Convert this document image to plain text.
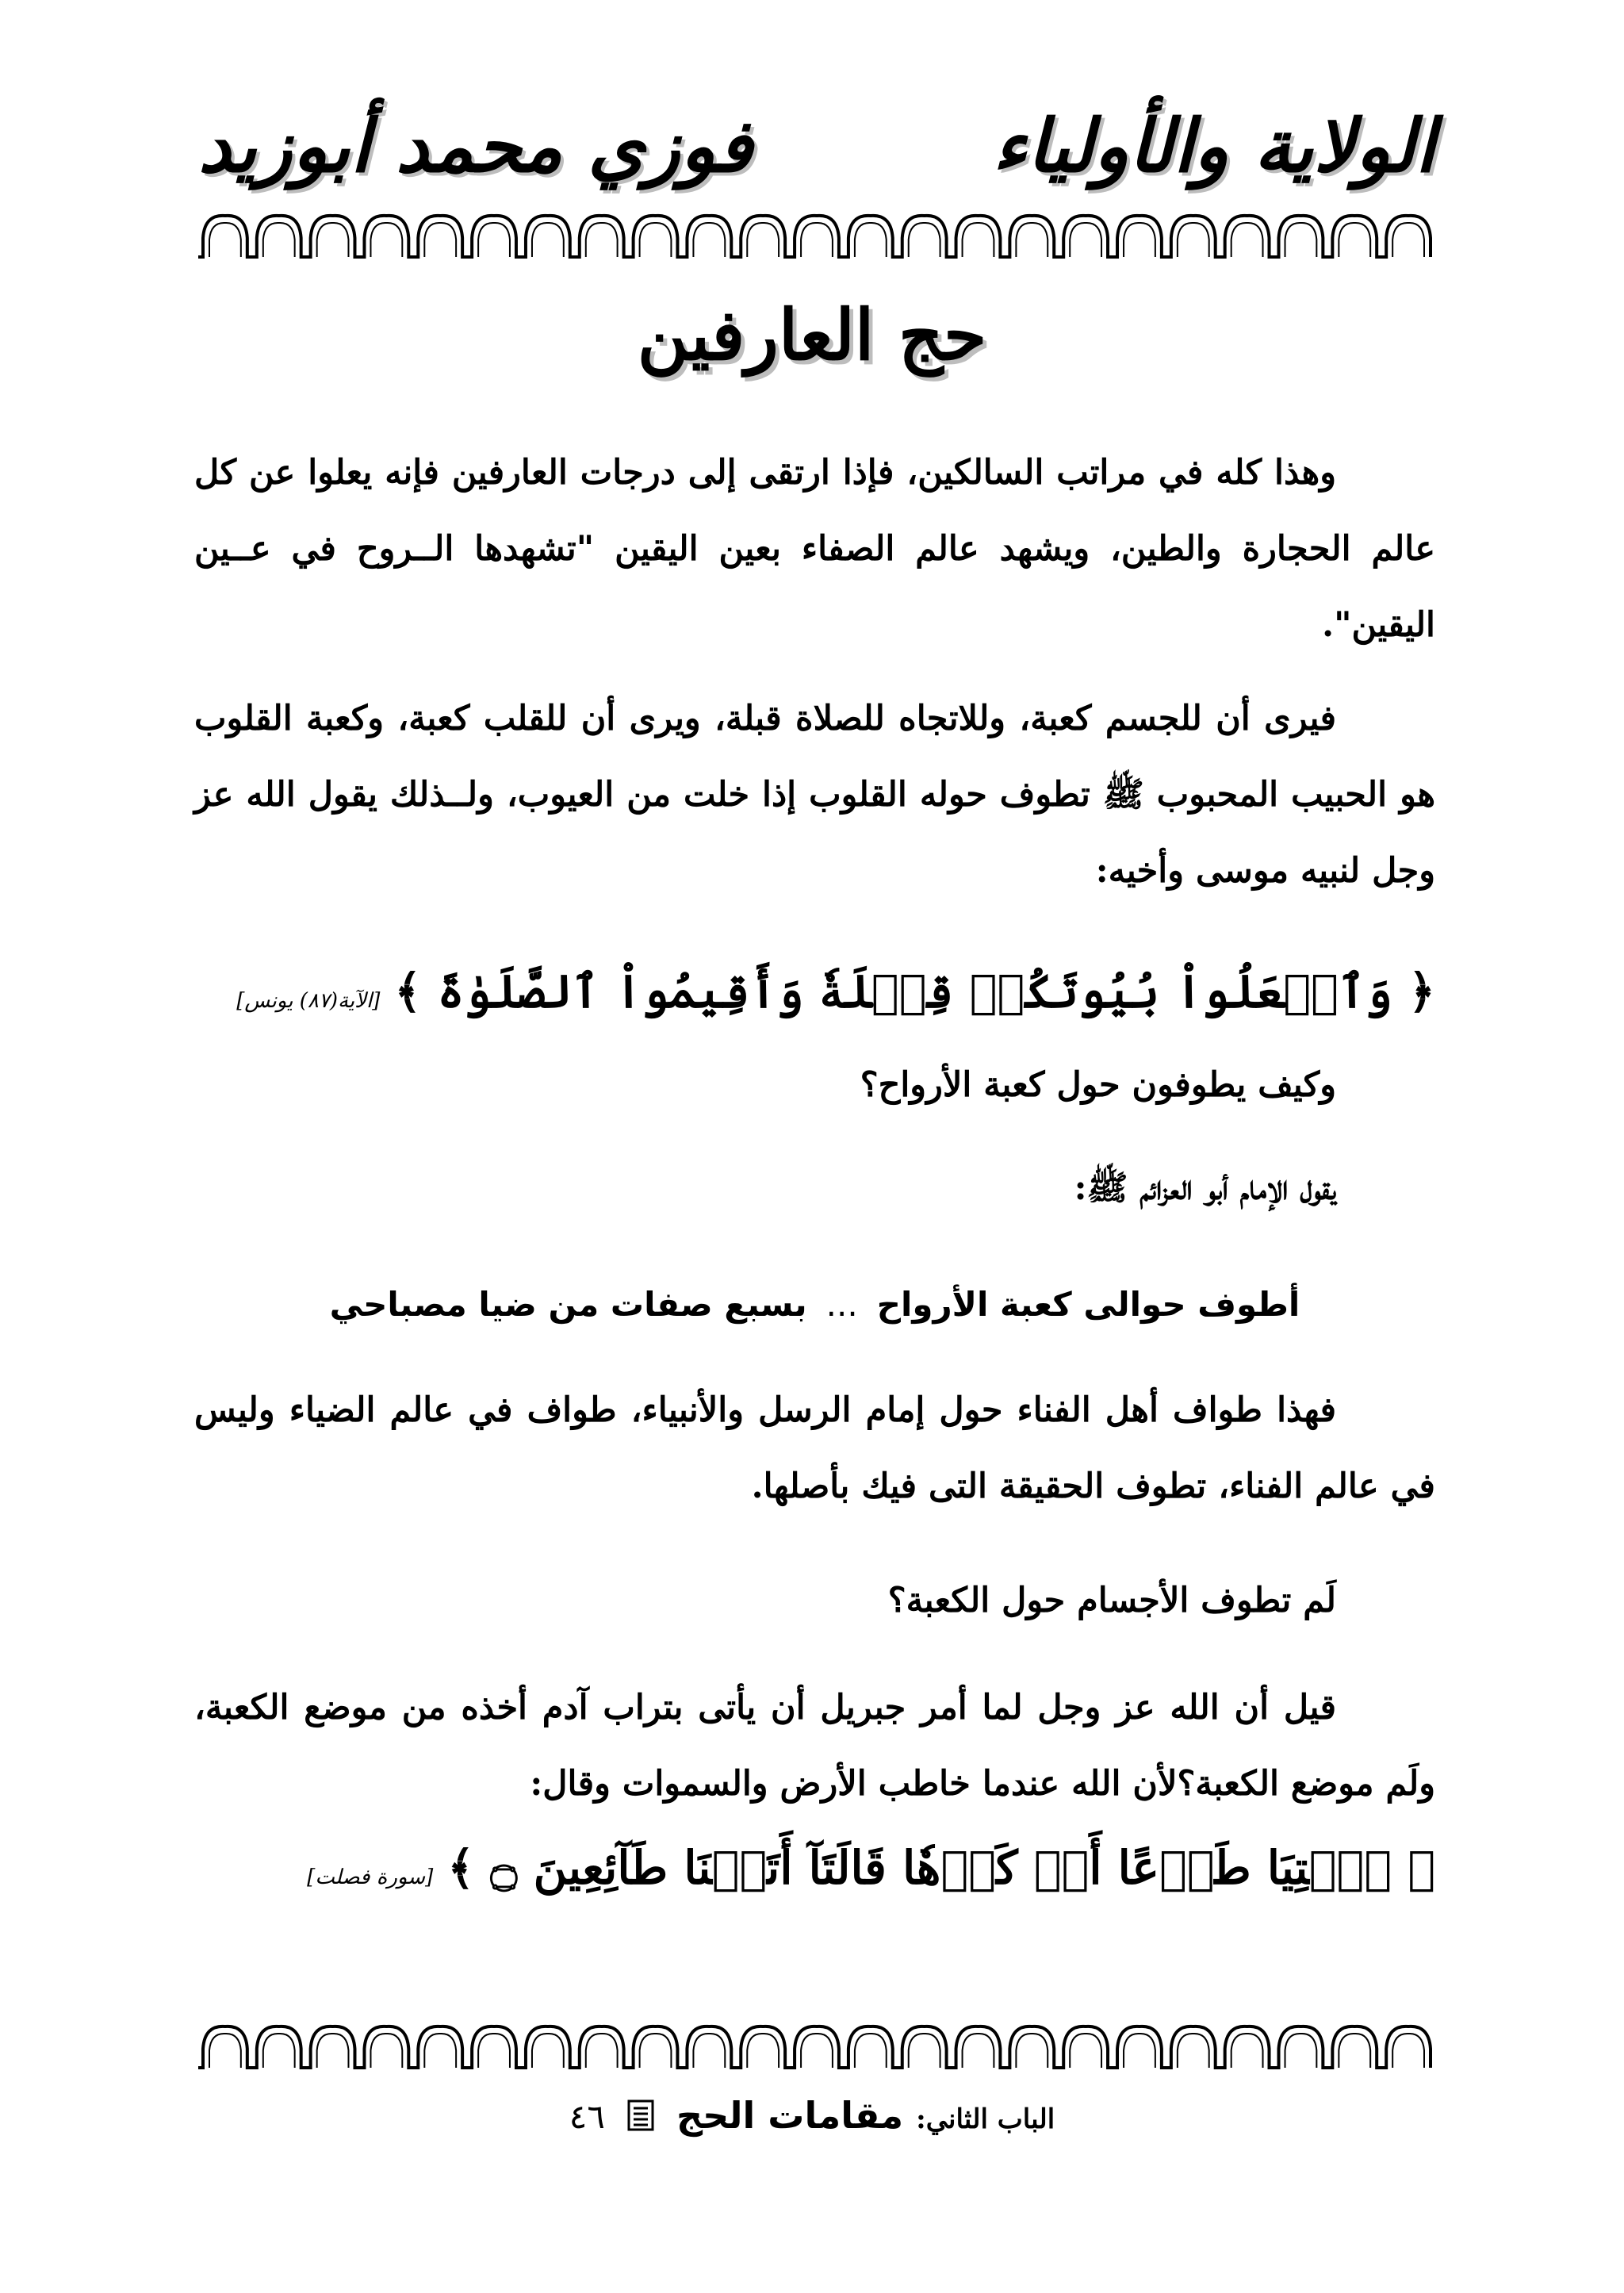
الولاية والأولياء
فوزي محمد أبوزيد
حج العارفين

وهذا كله في مراتب السالكين، فإذا ارتقى إلى درجات العارفين فإنه يعلوا عن كل عالم الحجارة والطين، ويشهد عالم الصفاء بعين اليقين "تشهدها الــروح في عــين اليقين".

فيرى أن للجسم كعبة، وللاتجاه للصلاة قبلة، ويرى أن للقلب كعبة، وكعبة القلوب هو الحبيب المحبوب ﷺ تطوف حوله القلوب إذا خلت من العيوب، ولــذلك يقول الله عز وجل لنبيه موسى وأخيه:

﴿ وَٱجۡعَلُواْ بُيُوتَكُمۡ قِبۡلَةٗ وَأَقِيمُواْ ٱلصَّلَوٰةَ ﴾[الآية(٨٧) يونس]

وكيف يطوفون حول كعبة الأرواح؟

يقول الإمام أبو العزائم ﷺ:

أطوف حوالى كعبة الأرواح...بسبع صفات من ضيا مصباحي

فهذا طواف أهل الفناء حول إمام الرسل والأنبياء، طواف في عالم الضياء وليس في عالم الفناء، تطوف الحقيقة التى فيك بأصلها.

لَم تطوف الأجسام حول الكعبة؟

قيل أن الله عز وجل لما أمر جبريل أن يأتى بتراب آدم أخذه من موضع الكعبة، ولَم موضع الكعبة؟لأن الله عندما خاطب الأرض والسموات وقال:

﴿ ٱئۡتِيَا طَوۡعًا أَوۡ كَرۡهٗا قَالَتَآ أَتَيۡنَا طَآئِعِينَ ۝ ﴾[سورة فصلت]
الباب الثاني: مقامات الحج  ٤٦
